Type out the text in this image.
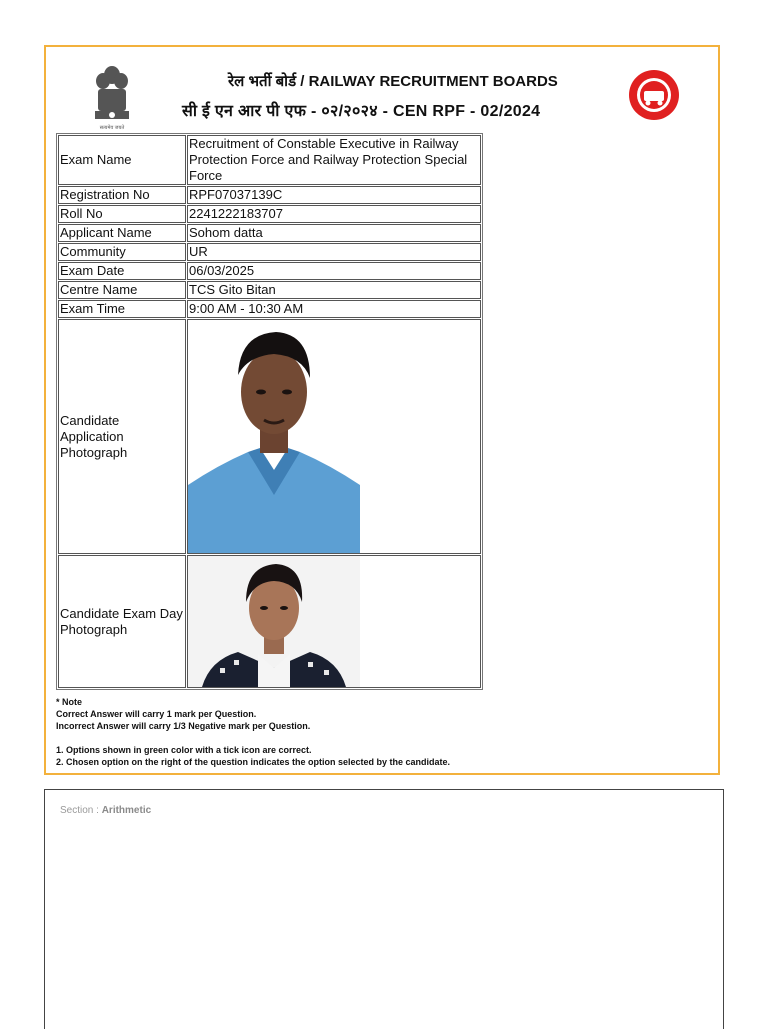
सत्यमेव जयते
रेल भर्ती बोर्ड / RAILWAY RECRUITMENT BOARDS
सी ई एन आर पी एफ - ०२/२०२४ - CEN RPF - 02/2024
Exam Name	Recruitment of Constable Executive in Railway Protection Force and Railway Protection Special Force
Registration No	RPF07037139C
Roll No	2241222183707
Applicant Name	Sohom datta
Community	UR
Exam Date	06/03/2025
Centre Name	TCS Gito Bitan
Exam Time	9:00 AM - 10:30 AM
Candidate Application Photograph	

Candidate Exam Day Photograph	
* Note
Correct Answer will carry 1 mark per Question.
Incorrect Answer will carry 1/3 Negative mark per Question.
1. Options shown in green color with a tick icon are correct.
2. Chosen option on the right of the question indicates the option selected by the candidate.
Section : Arithmetic
